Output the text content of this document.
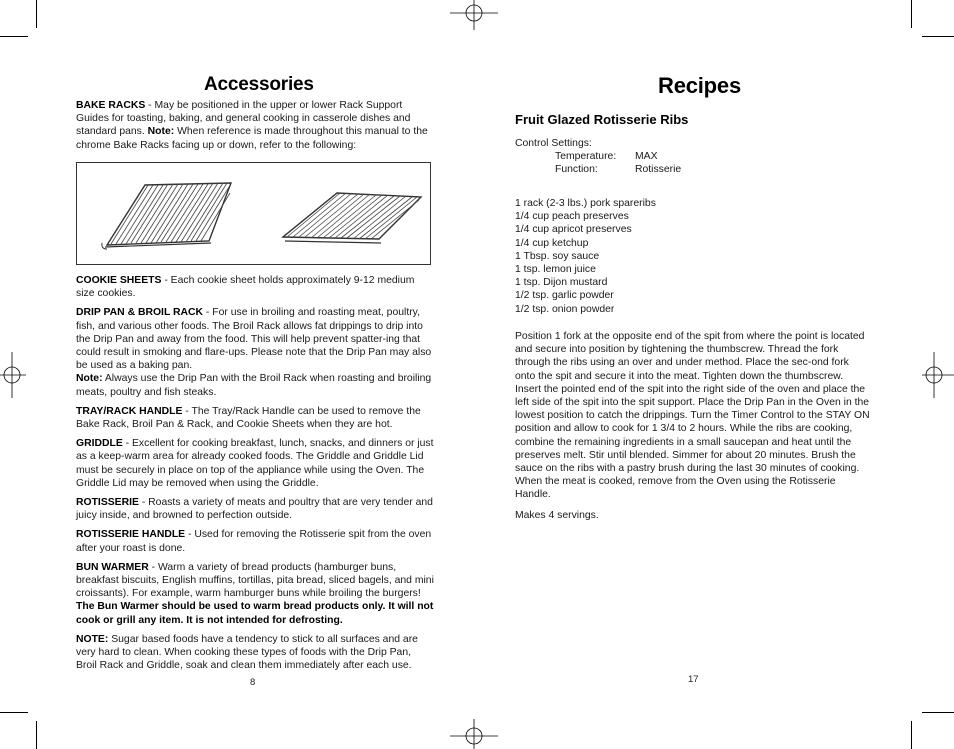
Accessories

BAKE RACKS - May be positioned in the upper or lower Rack Support Guides for toasting, baking, and general cooking in casserole dishes and standard pans. Note: When reference is made throughout this manual to the chrome Bake Racks facing up or down, refer to the following:

COOKIE SHEETS - Each cookie sheet holds approximately 9-12 medium size cookies.

DRIP PAN & BROIL RACK - For use in broiling and roasting meat, poultry, fish, and various other foods. The Broil Rack allows fat drippings to drip into the Drip Pan and away from the food. This will help prevent spatter-ing that could result in smoking and flare-ups. Please note that the Drip Pan may also be used as a baking pan.

Note: Always use the Drip Pan with the Broil Rack when roasting and broiling meats, poultry and fish steaks.

TRAY/RACK HANDLE - The Tray/Rack Handle can be used to remove the Bake Rack, Broil Pan & Rack, and Cookie Sheets when they are hot.

GRIDDLE - Excellent for cooking breakfast, lunch, snacks, and dinners or just as a keep-warm area for already cooked foods. The Griddle and Griddle Lid must be securely in place on top of the appliance while using the Oven. The Griddle Lid may be removed when using the Griddle.

ROTISSERIE - Roasts a variety of meats and poultry that are very tender and juicy inside, and browned to perfection outside.

ROTISSERIE HANDLE - Used for removing the Rotisserie spit from the oven after your roast is done.

BUN WARMER - Warm a variety of bread products (hamburger buns, breakfast biscuits, English muffins, tortillas, pita bread, sliced bagels, and mini croissants). For example, warm hamburger buns while broiling the burgers! The Bun Warmer should be used to warm bread products only. It will not cook or grill any item. It is not intended for defrosting.

NOTE: Sugar based foods have a tendency to stick to all surfaces and are very hard to clean. When cooking these types of foods with the Drip Pan, Broil Rack and Griddle, soak and clean them immediately after each use.

8
Recipes
Fruit Glazed Rotisserie Ribs
Control Settings:
Temperature:	MAX
Function:	Rotisserie
1 rack (2-3 lbs.) pork spareribs
1/4 cup peach preserves
1/4 cup apricot preserves
1/4 cup ketchup
1 Tbsp. soy sauce
1 tsp. lemon juice
1 tsp. Dijon mustard
1/2 tsp. garlic powder
1/2 tsp. onion powder

Position 1 fork at the opposite end of the spit from where the point is located and secure into position by tightening the thumbscrew. Thread the fork through the ribs using an over and under method. Place the sec-ond fork onto the spit and secure it into the meat. Tighten down the thumbscrew. Insert the pointed end of the spit into the right side of the oven and place the left side of the spit into the spit support. Place the Drip Pan in the Oven in the lowest position to catch the drippings. Turn the Timer Control to the STAY ON position and allow to cook for 1 3/4 to 2 hours. While the ribs are cooking, combine the remaining ingredients in a small saucepan and heat until the preserves melt. Stir until blended. Simmer for about 20 minutes. Brush the sauce on the ribs with a pastry brush during the last 30 minutes of cooking. When the meat is cooked, remove from the Oven using the Rotisserie Handle.

Makes 4 servings.

17
